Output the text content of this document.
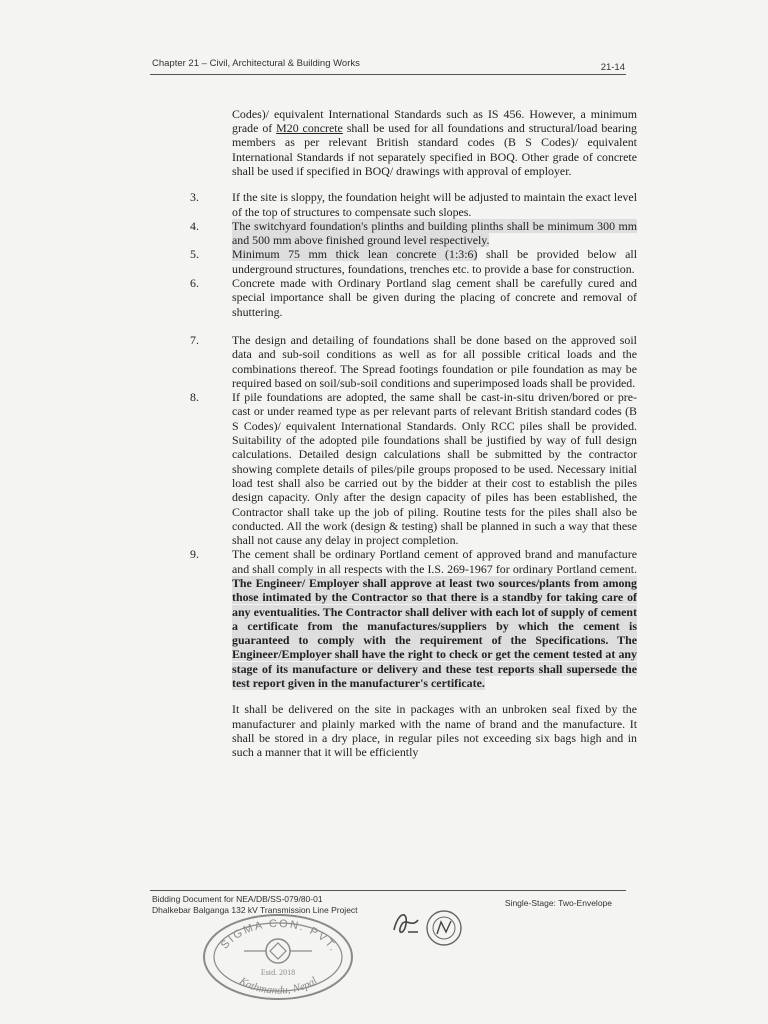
Chapter 21 – Civil, Architectural & Building Works	21-14

Codes)/ equivalent International Standards such as IS 456. However, a minimum grade of M20 concrete shall be used for all foundations and structural/load bearing members as per relevant British standard codes (B S Codes)/ equivalent International Standards if not separately specified in BOQ. Other grade of concrete shall be used if specified in BOQ/ drawings with approval of employer.

3.	If the site is sloppy, the foundation height will be adjusted to maintain the exact level of the top of structures to compensate such slopes.
4.	The switchyard foundation's plinths and building plinths shall be minimum 300 mm and 500 mm above finished ground level respectively.
5.	Minimum 75 mm thick lean concrete (1:3:6) shall be provided below all underground structures, foundations, trenches etc. to provide a base for construction.
6.	Concrete made with Ordinary Portland slag cement shall be carefully cured and special importance shall be given during the placing of concrete and removal of shuttering.
7.	The design and detailing of foundations shall be done based on the approved soil data and sub-soil conditions as well as for all possible critical loads and the combinations thereof. The Spread footings foundation or pile foundation as may be required based on soil/sub-soil conditions and superimposed loads shall be provided.
8.	If pile foundations are adopted, the same shall be cast-in-situ driven/bored or pre-cast or under reamed type as per relevant parts of relevant British standard codes (B S Codes)/ equivalent International Standards. Only RCC piles shall be provided. Suitability of the adopted pile foundations shall be justified by way of full design calculations. Detailed design calculations shall be submitted by the contractor showing complete details of piles/pile groups proposed to be used. Necessary initial load test shall also be carried out by the bidder at their cost to establish the piles design capacity. Only after the design capacity of piles has been established, the Contractor shall take up the job of piling. Routine tests for the piles shall also be conducted. All the work (design & testing) shall be planned in such a way that these shall not cause any delay in project completion.
9.	The cement shall be ordinary Portland cement of approved brand and manufacture and shall comply in all respects with the I.S. 269-1967 for ordinary Portland cement. The Engineer/ Employer shall approve at least two sources/plants from among those intimated by the Contractor so that there is a standby for taking care of any eventualities. The Contractor shall deliver with each lot of supply of cement a certificate from the manufactures/suppliers by which the cement is guaranteed to comply with the requirement of the Specifications. The Engineer/Employer shall have the right to check or get the cement tested at any stage of its manufacture or delivery and these test reports shall supersede the test report given in the manufacturer's certificate.

It shall be delivered on the site in packages with an unbroken seal fixed by the manufacturer and plainly marked with the name of brand and the manufacture. It shall be stored in a dry place, in regular piles not exceeding six bags high and in such a manner that it will be efficiently

Bidding Document for NEA/DB/SS-079/80-01
Dhalkebar Balganga 132 kV Transmission Line Project
Single-Stage: Two-Envelope
SIGMA CON. PVT.
Estd. 2018
Kathmandu, Nepal
